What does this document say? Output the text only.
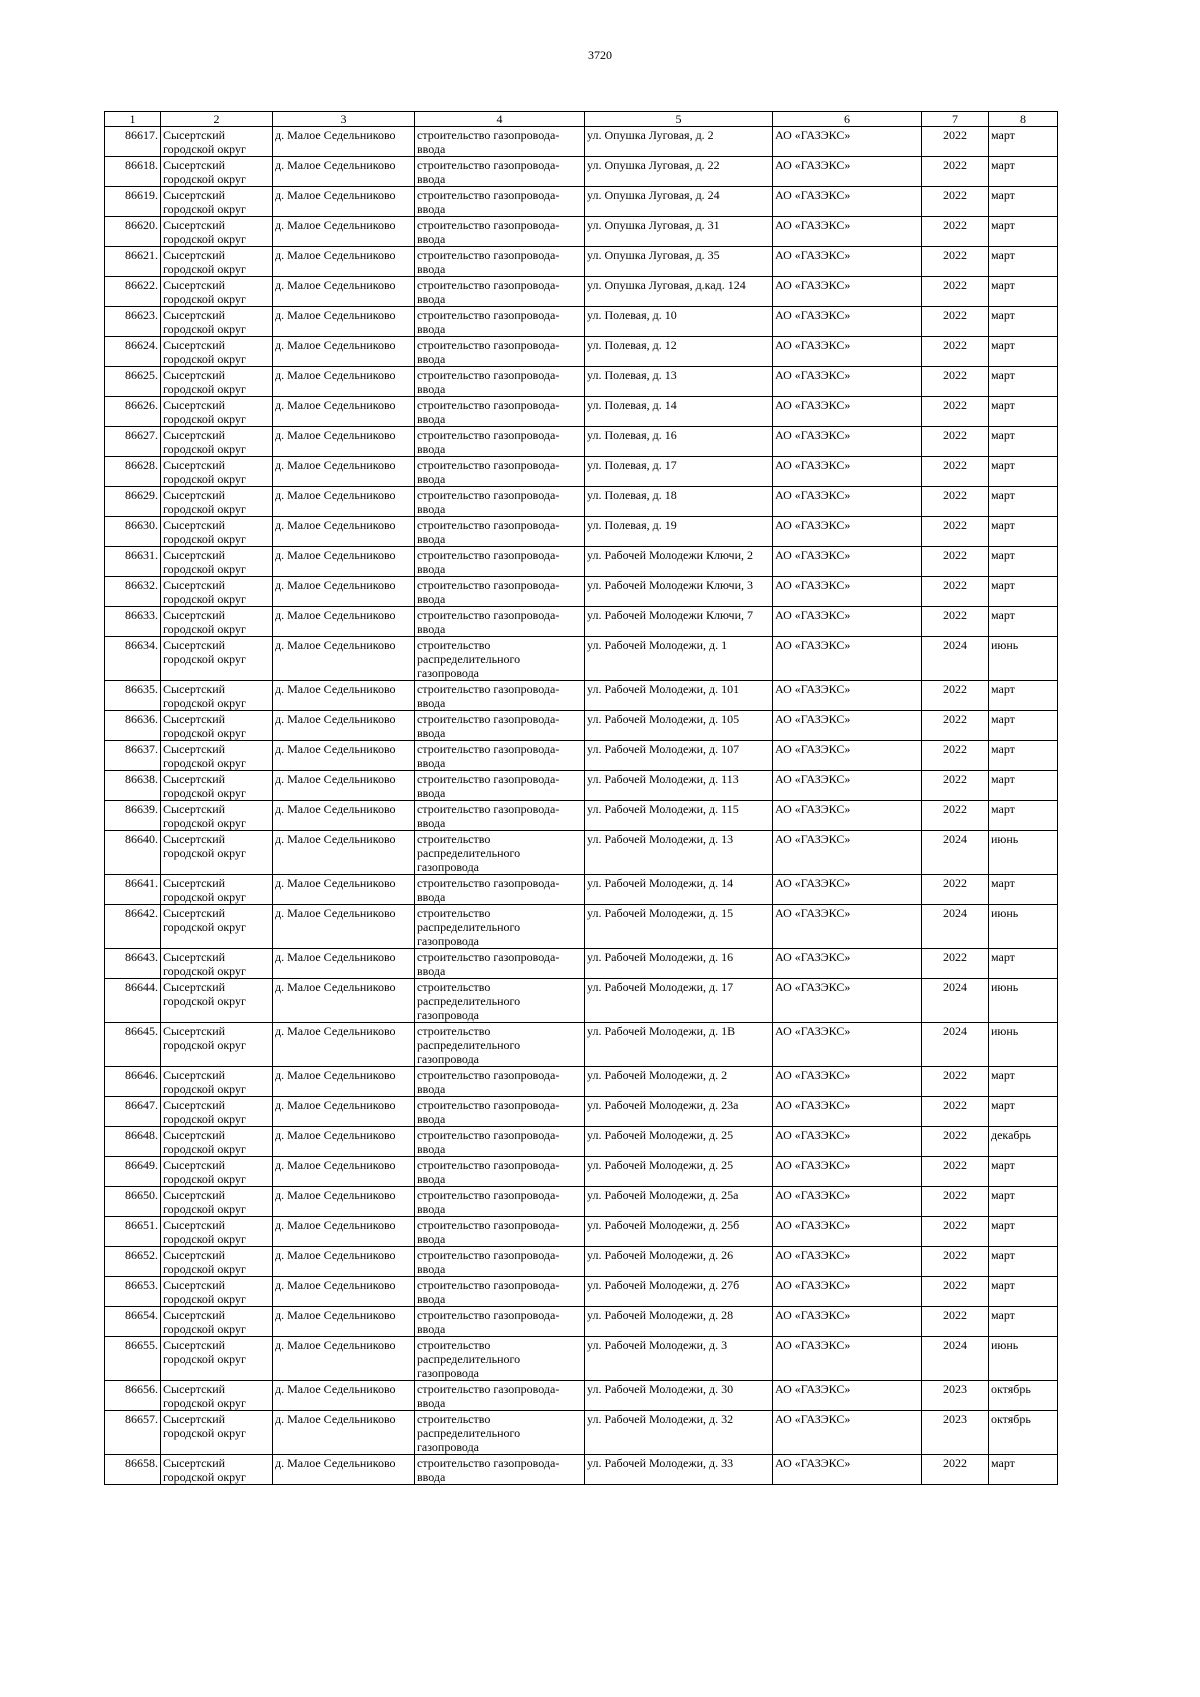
3720
1	2	3	4	5	6	7	8
86617.	Сысертский городской округ	д. Малое Седельниково	строительство газопровода-ввода	ул. Опушка Луговая, д. 2	АО «ГАЗЭКС»	2022	март
86618.	Сысертский городской округ	д. Малое Седельниково	строительство газопровода-ввода	ул. Опушка Луговая, д. 22	АО «ГАЗЭКС»	2022	март
86619.	Сысертский городской округ	д. Малое Седельниково	строительство газопровода-ввода	ул. Опушка Луговая, д. 24	АО «ГАЗЭКС»	2022	март
86620.	Сысертский городской округ	д. Малое Седельниково	строительство газопровода-ввода	ул. Опушка Луговая, д. 31	АО «ГАЗЭКС»	2022	март
86621.	Сысертский городской округ	д. Малое Седельниково	строительство газопровода-ввода	ул. Опушка Луговая, д. 35	АО «ГАЗЭКС»	2022	март
86622.	Сысертский городской округ	д. Малое Седельниково	строительство газопровода-ввода	ул. Опушка Луговая, д.кад. 124	АО «ГАЗЭКС»	2022	март
86623.	Сысертский городской округ	д. Малое Седельниково	строительство газопровода-ввода	ул. Полевая, д. 10	АО «ГАЗЭКС»	2022	март
86624.	Сысертский городской округ	д. Малое Седельниково	строительство газопровода-ввода	ул. Полевая, д. 12	АО «ГАЗЭКС»	2022	март
86625.	Сысертский городской округ	д. Малое Седельниково	строительство газопровода-ввода	ул. Полевая, д. 13	АО «ГАЗЭКС»	2022	март
86626.	Сысертский городской округ	д. Малое Седельниково	строительство газопровода-ввода	ул. Полевая, д. 14	АО «ГАЗЭКС»	2022	март
86627.	Сысертский городской округ	д. Малое Седельниково	строительство газопровода-ввода	ул. Полевая, д. 16	АО «ГАЗЭКС»	2022	март
86628.	Сысертский городской округ	д. Малое Седельниково	строительство газопровода-ввода	ул. Полевая, д. 17	АО «ГАЗЭКС»	2022	март
86629.	Сысертский городской округ	д. Малое Седельниково	строительство газопровода-ввода	ул. Полевая, д. 18	АО «ГАЗЭКС»	2022	март
86630.	Сысертский городской округ	д. Малое Седельниково	строительство газопровода-ввода	ул. Полевая, д. 19	АО «ГАЗЭКС»	2022	март
86631.	Сысертский городской округ	д. Малое Седельниково	строительство газопровода-ввода	ул. Рабочей Молодежи Ключи, 2	АО «ГАЗЭКС»	2022	март
86632.	Сысертский городской округ	д. Малое Седельниково	строительство газопровода-ввода	ул. Рабочей Молодежи Ключи, 3	АО «ГАЗЭКС»	2022	март
86633.	Сысертский городской округ	д. Малое Седельниково	строительство газопровода-ввода	ул. Рабочей Молодежи Ключи, 7	АО «ГАЗЭКС»	2022	март
86634.	Сысертский городской округ	д. Малое Седельниково	строительство распределительного газопровода	ул. Рабочей Молодежи, д. 1	АО «ГАЗЭКС»	2024	июнь
86635.	Сысертский городской округ	д. Малое Седельниково	строительство газопровода-ввода	ул. Рабочей Молодежи, д. 101	АО «ГАЗЭКС»	2022	март
86636.	Сысертский городской округ	д. Малое Седельниково	строительство газопровода-ввода	ул. Рабочей Молодежи, д. 105	АО «ГАЗЭКС»	2022	март
86637.	Сысертский городской округ	д. Малое Седельниково	строительство газопровода-ввода	ул. Рабочей Молодежи, д. 107	АО «ГАЗЭКС»	2022	март
86638.	Сысертский городской округ	д. Малое Седельниково	строительство газопровода-ввода	ул. Рабочей Молодежи, д. 113	АО «ГАЗЭКС»	2022	март
86639.	Сысертский городской округ	д. Малое Седельниково	строительство газопровода-ввода	ул. Рабочей Молодежи, д. 115	АО «ГАЗЭКС»	2022	март
86640.	Сысертский городской округ	д. Малое Седельниково	строительство распределительного газопровода	ул. Рабочей Молодежи, д. 13	АО «ГАЗЭКС»	2024	июнь
86641.	Сысертский городской округ	д. Малое Седельниково	строительство газопровода-ввода	ул. Рабочей Молодежи, д. 14	АО «ГАЗЭКС»	2022	март
86642.	Сысертский городской округ	д. Малое Седельниково	строительство распределительного газопровода	ул. Рабочей Молодежи, д. 15	АО «ГАЗЭКС»	2024	июнь
86643.	Сысертский городской округ	д. Малое Седельниково	строительство газопровода-ввода	ул. Рабочей Молодежи, д. 16	АО «ГАЗЭКС»	2022	март
86644.	Сысертский городской округ	д. Малое Седельниково	строительство распределительного газопровода	ул. Рабочей Молодежи, д. 17	АО «ГАЗЭКС»	2024	июнь
86645.	Сысертский городской округ	д. Малое Седельниково	строительство распределительного газопровода	ул. Рабочей Молодежи, д. 1В	АО «ГАЗЭКС»	2024	июнь
86646.	Сысертский городской округ	д. Малое Седельниково	строительство газопровода-ввода	ул. Рабочей Молодежи, д. 2	АО «ГАЗЭКС»	2022	март
86647.	Сысертский городской округ	д. Малое Седельниково	строительство газопровода-ввода	ул. Рабочей Молодежи, д. 23а	АО «ГАЗЭКС»	2022	март
86648.	Сысертский городской округ	д. Малое Седельниково	строительство газопровода-ввода	ул. Рабочей Молодежи, д. 25	АО «ГАЗЭКС»	2022	декабрь
86649.	Сысертский городской округ	д. Малое Седельниково	строительство газопровода-ввода	ул. Рабочей Молодежи, д. 25	АО «ГАЗЭКС»	2022	март
86650.	Сысертский городской округ	д. Малое Седельниково	строительство газопровода-ввода	ул. Рабочей Молодежи, д. 25а	АО «ГАЗЭКС»	2022	март
86651.	Сысертский городской округ	д. Малое Седельниково	строительство газопровода-ввода	ул. Рабочей Молодежи, д. 25б	АО «ГАЗЭКС»	2022	март
86652.	Сысертский городской округ	д. Малое Седельниково	строительство газопровода-ввода	ул. Рабочей Молодежи, д. 26	АО «ГАЗЭКС»	2022	март
86653.	Сысертский городской округ	д. Малое Седельниково	строительство газопровода-ввода	ул. Рабочей Молодежи, д. 27б	АО «ГАЗЭКС»	2022	март
86654.	Сысертский городской округ	д. Малое Седельниково	строительство газопровода-ввода	ул. Рабочей Молодежи, д. 28	АО «ГАЗЭКС»	2022	март
86655.	Сысертский городской округ	д. Малое Седельниково	строительство распределительного газопровода	ул. Рабочей Молодежи, д. 3	АО «ГАЗЭКС»	2024	июнь
86656.	Сысертский городской округ	д. Малое Седельниково	строительство газопровода-ввода	ул. Рабочей Молодежи, д. 30	АО «ГАЗЭКС»	2023	октябрь
86657.	Сысертский городской округ	д. Малое Седельниково	строительство распределительного газопровода	ул. Рабочей Молодежи, д. 32	АО «ГАЗЭКС»	2023	октябрь
86658.	Сысертский городской округ	д. Малое Седельниково	строительство газопровода-ввода	ул. Рабочей Молодежи, д. 33	АО «ГАЗЭКС»	2022	март
